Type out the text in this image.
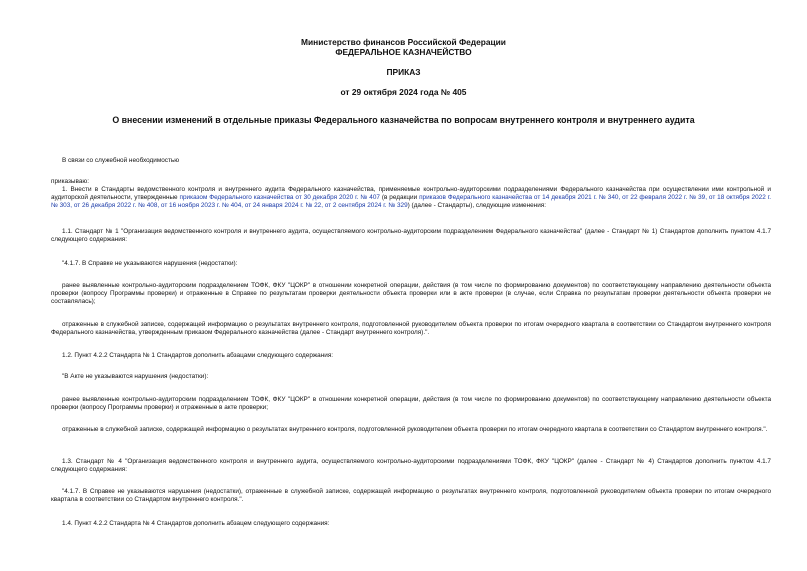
Министерство финансов Российской Федерации
ФЕДЕРАЛЬНОЕ КАЗНАЧЕЙСТВО
ПРИКАЗ
от 29 октября 2024 года № 405
О внесении изменений в отдельные приказы Федерального казначейства по вопросам внутреннего контроля и внутреннего аудита

В связи со служебной необходимостью

приказываю:

1. Внести в Стандарты ведомственного контроля и внутреннего аудита Федерального казначейства, применяемые контрольно-аудиторскими подразделениями Федерального казначейства при осуществлении ими контрольной и аудиторской деятельности, утвержденные приказом Федерального казначейства от 30 декабря 2020 г. № 407 (в редакции приказов Федерального казначейства от 14 декабря 2021 г. № 340, от 22 февраля 2022 г. № 39, от 18 октября 2022 г. № 303, от 26 декабря 2022 г. № 408, от 16 ноября 2023 г. № 404, от 24 января 2024 г. № 22, от 2 сентября 2024 г. № 329) (далее - Стандарты), следующие изменения:

1.1. Стандарт № 1 "Организация ведомственного контроля и внутреннего аудита, осуществляемого контрольно-аудиторским подразделением Федерального казначейства" (далее - Стандарт № 1) Стандартов дополнить пунктом 4.1.7 следующего содержания:

"4.1.7. В Справке не указываются нарушения (недостатки):

ранее выявленные контрольно-аудиторским подразделением ТОФК, ФКУ "ЦОКР" в отношении конкретной операции, действия (в том числе по формированию документов) по соответствующему направлению деятельности объекта проверки (вопросу Программы проверки) и отраженные в Справке по результатам проверки деятельности объекта проверки или в акте проверки (в случае, если Справка по результатам проверки деятельности объекта проверки не составлялась);

отраженные в служебной записке, содержащей информацию о результатах внутреннего контроля, подготовленной руководителем объекта проверки по итогам очередного квартала в соответствии со Стандартом внутреннего контроля Федерального казначейства, утвержденным приказом Федерального казначейства (далее - Стандарт внутреннего контроля).".

1.2. Пункт 4.2.2 Стандарта № 1 Стандартов дополнить абзацами следующего содержания:

"В Акте не указываются нарушения (недостатки):

ранее выявленные контрольно-аудиторским подразделением ТОФК, ФКУ "ЦОКР" в отношении конкретной операции, действия (в том числе по формированию документов) по соответствующему направлению деятельности объекта проверки (вопросу Программы проверки) и отраженные в акте проверки;

отраженные в служебной записке, содержащей информацию о результатах внутреннего контроля, подготовленной руководителем объекта проверки по итогам очередного квартала в соответствии со Стандартом внутреннего контроля.".

1.3. Стандарт № 4 "Организация ведомственного контроля и внутреннего аудита, осуществляемого контрольно-аудиторскими подразделениями ТОФК, ФКУ "ЦОКР" (далее - Стандарт № 4) Стандартов дополнить пунктом 4.1.7 следующего содержания:

"4.1.7. В Справке не указываются нарушения (недостатки), отраженные в служебной записке, содержащей информацию о результатах внутреннего контроля, подготовленной руководителем объекта проверки по итогам очередного квартала в соответствии со Стандартом внутреннего контроля.".

1.4. Пункт 4.2.2 Стандарта № 4 Стандартов дополнить абзацем следующего содержания:
